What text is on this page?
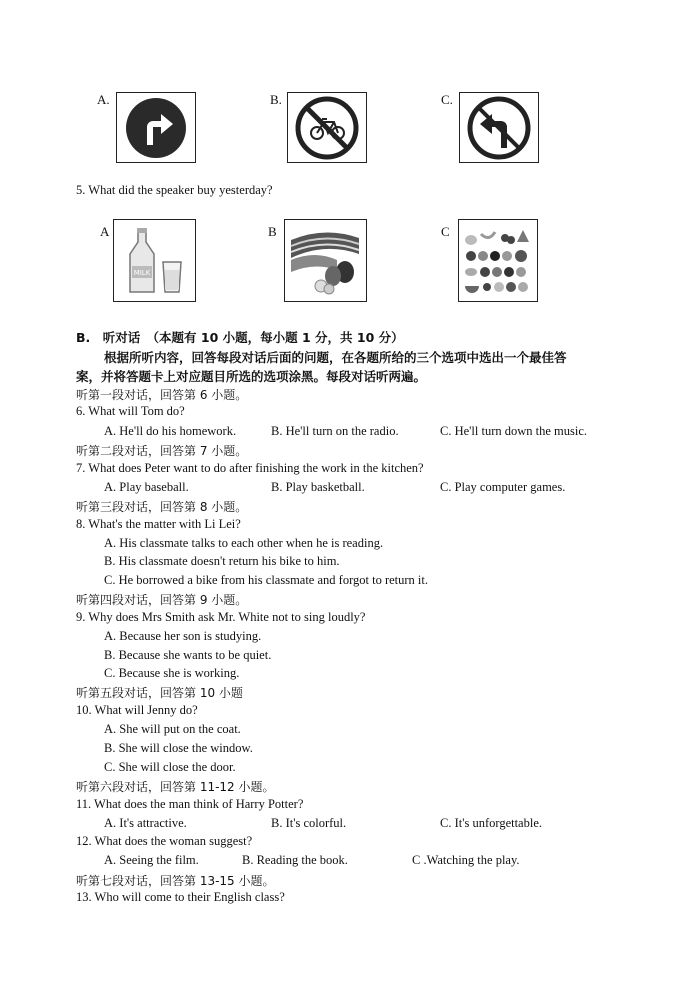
A.	B.	C.
5. What did the speaker buy yesterday?
A
MILK
B	C
B.　听对话　（本题有 10 小题，每小题 1 分，共 10 分）
根据所听内容，回答每段对话后面的问题，在各题所给的三个选项中选出一个最佳答
案，并将答题卡上对应题目所选的选项涂黑。每段对话听两遍。
听第一段对话，回答第 6 小题。
6. What will Tom do?
A. He'll do his homework.	B. He'll turn on the radio.	C. He'll turn down the music.
听第二段对话，回答第 7 小题。
7. What does Peter want to do after finishing the work in the kitchen?
A. Play baseball.	B. Play basketball.	C. Play computer games.
听第三段对话，回答第 8 小题。
8. What's the matter with Li Lei?
A. His classmate talks to each other when he is reading.
B. His classmate doesn't return his bike to him.
C. He borrowed a bike from his classmate and forgot to return it.
听第四段对话，回答第 9 小题。
9. Why does Mrs Smith ask Mr. White not to sing loudly?
A. Because her son is studying.
B. Because she wants to be quiet.
C. Because she is working.
听第五段对话，回答第 10 小题
10. What will Jenny do?
A. She will put on the coat.
B. She will close the window.
C. She will close the door.
听第六段对话，回答第 11-12 小题。
11. What does the man think of Harry Potter?
A. It's attractive.	B. It's colorful.	C. It's unforgettable.
12. What does the woman suggest?
A. Seeing the film.	B. Reading the book.	C .Watching the play.
听第七段对话，回答第 13-15 小题。
13. Who will come to their English class?
